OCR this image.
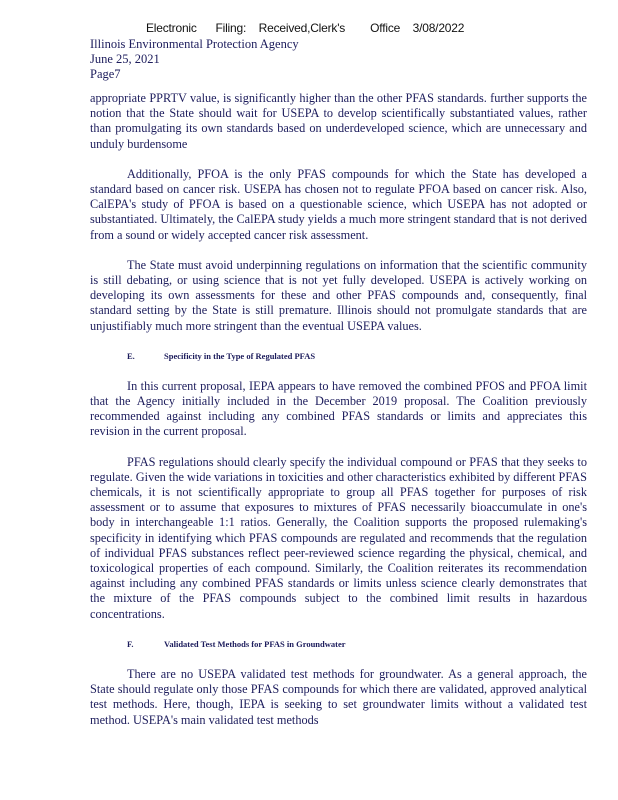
Electronic      Filing:    Received,Clerk's        Office    3/08/2022
Illinois Environmental Protection Agency
June 25, 2021
Page7

appropriate PPRTV value, is significantly higher than the other PFAS standards. further supports the notion that the State should wait for USEPA to develop scientifically substantiated values, rather than promulgating its own standards based on underdeveloped science, which are unnecessary and unduly burdensome

Additionally, PFOA is the only PFAS compounds for which the State has developed a standard based on cancer risk. USEPA has chosen not to regulate PFOA based on cancer risk. Also, CalEPA's study of PFOA is based on a questionable science, which USEPA has not adopted or substantiated. Ultimately, the CalEPA study yields a much more stringent standard that is not derived from a sound or widely accepted cancer risk assessment.

The State must avoid underpinning regulations on information that the scientific community is still debating, or using science that is not yet fully developed. USEPA is actively working on developing its own assessments for these and other PFAS compounds and, consequently, final standard setting by the State is still premature. Illinois should not promulgate standards that are unjustifiably much more stringent than the eventual USEPA values.

E.	Specificity in the Type of Regulated PFAS

In this current proposal, IEPA appears to have removed the combined PFOS and PFOA limit that the Agency initially included in the December 2019 proposal. The Coalition previously recommended against including any combined PFAS standards or limits and appreciates this revision in the current proposal.

PFAS regulations should clearly specify the individual compound or PFAS that they seeks to regulate. Given the wide variations in toxicities and other characteristics exhibited by different PFAS chemicals, it is not scientifically appropriate to group all PFAS together for purposes of risk assessment or to assume that exposures to mixtures of PFAS necessarily bioaccumulate in one's body in interchangeable 1:1 ratios. Generally, the Coalition supports the proposed rulemaking's specificity in identifying which PFAS compounds are regulated and recommends that the regulation of individual PFAS substances reflect peer-reviewed science regarding the physical, chemical, and toxicological properties of each compound. Similarly, the Coalition reiterates its recommendation against including any combined PFAS standards or limits unless science clearly demonstrates that the mixture of the PFAS compounds subject to the combined limit results in hazardous concentrations.

F.	Validated Test Methods for PFAS in Groundwater

There are no USEPA validated test methods for groundwater. As a general approach, the State should regulate only those PFAS compounds for which there are validated, approved analytical test methods. Here, though, IEPA is seeking to set groundwater limits without a validated test method. USEPA's main validated test methods
